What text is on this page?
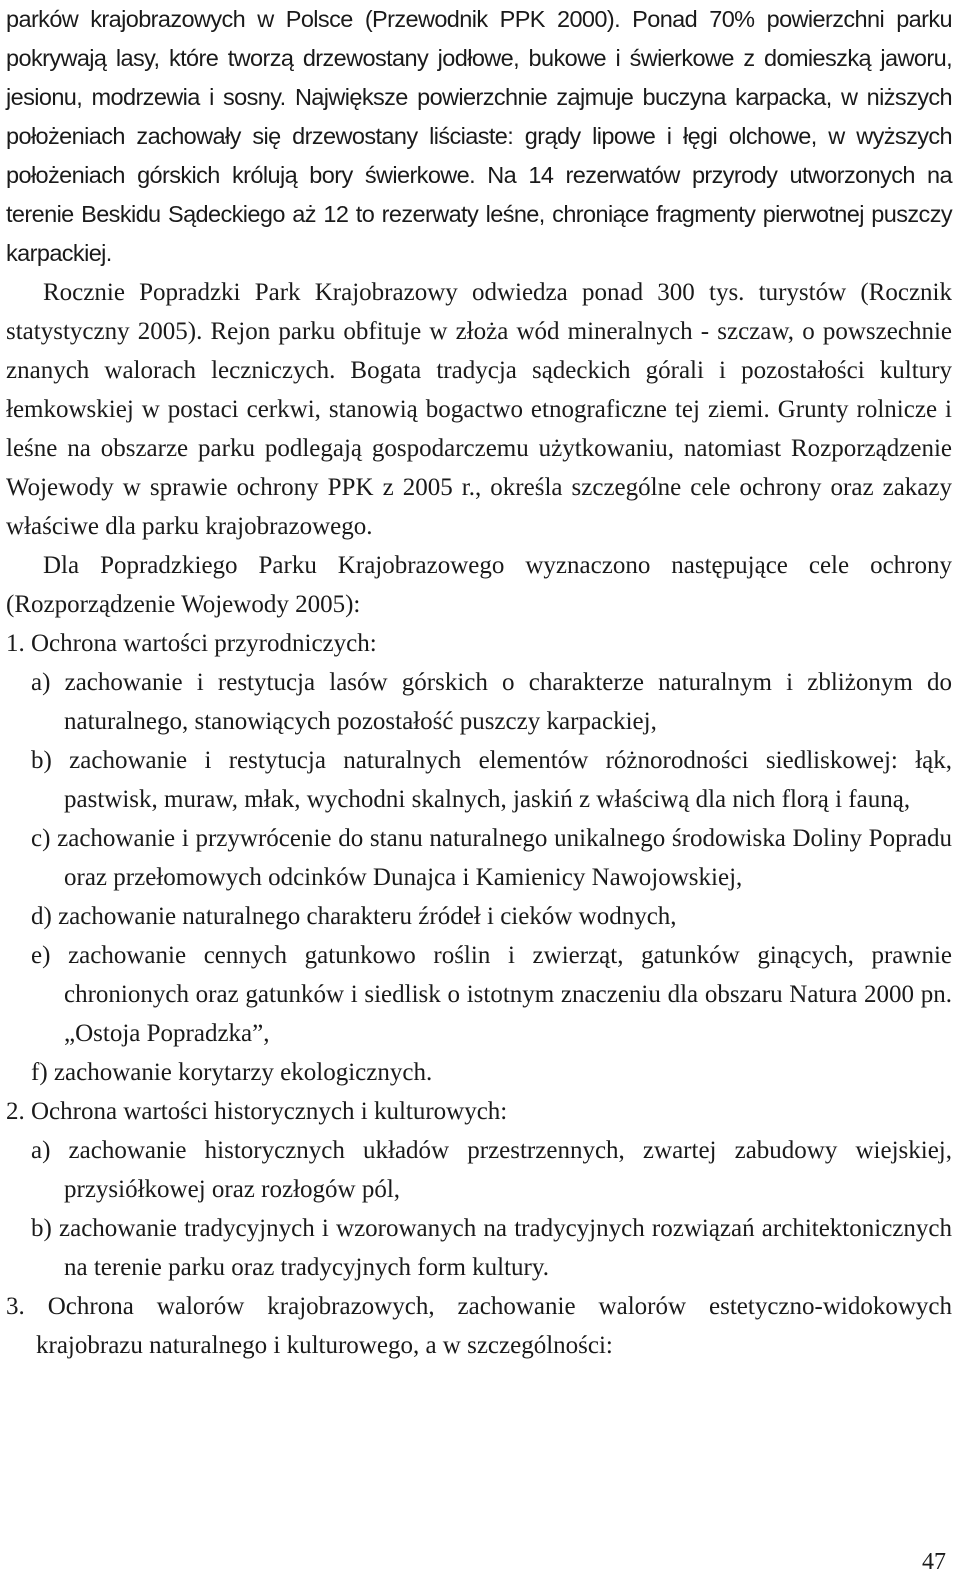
parków krajobrazowych w Polsce (Przewodnik PPK 2000). Ponad 70% powierzchni parku pokrywają lasy, które tworzą drzewostany jodłowe, bukowe i świerkowe z domieszką jaworu, jesionu, modrzewia i sosny. Największe powierzchnie zajmuje buczyna karpacka, w niższych położeniach zachowały się drzewostany liściaste: grądy lipowe i łęgi olchowe, w wyższych położeniach górskich królują bory świerkowe. Na 14 rezerwatów przyrody utworzonych na terenie Beskidu Sądeckiego aż 12 to rezerwaty leśne, chroniące fragmenty pierwotnej puszczy karpackiej.

Rocznie Popradzki Park Krajobrazowy odwiedza ponad 300 tys. turystów (Rocznik statystyczny 2005). Rejon parku obfituje w złoża wód mineralnych - szczaw, o powszechnie znanych walorach leczniczych. Bogata tradycja sądeckich górali i pozostałości kultury łemkowskiej w postaci cerkwi, stanowią bogactwo etnograficzne tej ziemi. Grunty rolnicze i leśne na obszarze parku podlegają gospodarczemu użytkowaniu, natomiast Rozporządzenie Wojewody w sprawie ochrony PPK z 2005 r., określa szczególne cele ochrony oraz zakazy właściwe dla parku krajobrazowego.

Dla Popradzkiego Parku Krajobrazowego wyznaczono następujące cele ochrony (Rozporządzenie Wojewody 2005):

1. Ochrona wartości przyrodniczych:

a) zachowanie i restytucja lasów górskich o charakterze naturalnym i zbliżonym do naturalnego, stanowiących pozostałość puszczy karpackiej,

b) zachowanie i restytucja naturalnych elementów różnorodności siedliskowej: łąk, pastwisk, muraw, młak, wychodni skalnych, jaskiń z właściwą dla nich florą i fauną,

c) zachowanie i przywrócenie do stanu naturalnego unikalnego środowiska Doliny Popradu oraz przełomowych odcinków Dunajca i Kamienicy Nawojowskiej,

d) zachowanie naturalnego charakteru źródeł i cieków wodnych,

e) zachowanie cennych gatunkowo roślin i zwierząt, gatunków ginących, prawnie chronionych oraz gatunków i siedlisk o istotnym znaczeniu dla obszaru Natura 2000 pn. „Ostoja Popradzka”,

f) zachowanie korytarzy ekologicznych.

2. Ochrona wartości historycznych i kulturowych:

a) zachowanie historycznych układów przestrzennych, zwartej zabudowy wiejskiej, przysiółkowej oraz rozłogów pól,

b) zachowanie tradycyjnych i wzorowanych na tradycyjnych rozwiązań architektonicznych na terenie parku oraz tradycyjnych form kultury.

3. Ochrona walorów krajobrazowych, zachowanie walorów estetyczno-widokowych krajobrazu naturalnego i kulturowego, a w szczególności:

47
